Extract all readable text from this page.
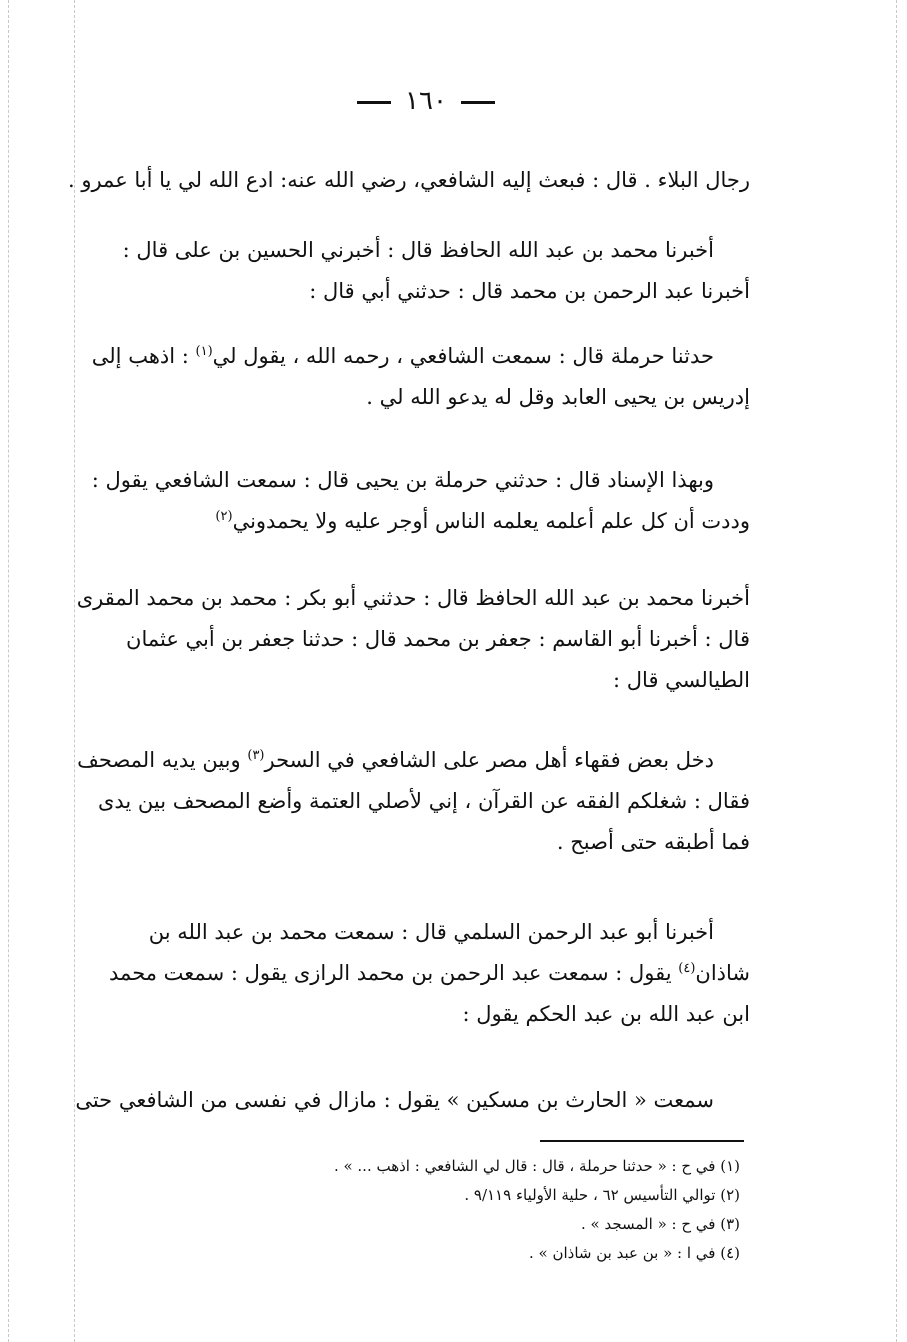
١٦٠
رجال البلاء . قال : فبعث إليه الشافعي، رضي الله عنه: ادع الله لي يا أبا عمرو .
أخبرنا محمد بن عبد الله الحافظ قال : أخبرني الحسين بن على قال :
أخبرنا عبد الرحمن بن محمد قال : حدثني أبي قال :
حدثنا حرملة قال : سمعت الشافعي ، رحمه الله ، يقول لي$^{(١)}$ : اذهب إلى
إدريس بن يحيى العابد وقل له يدعو الله لي .
وبهذا الإسناد قال : حدثني حرملة بن يحيى قال : سمعت الشافعي يقول :
وددت أن كل علم أعلمه يعلمه الناس أوجر عليه ولا يحمدوني$^{(٢)}$
أخبرنا محمد بن عبد الله الحافظ قال : حدثني أبو بكر : محمد بن محمد المقرى
قال : أخبرنا أبو القاسم : جعفر بن محمد قال : حدثنا جعفر بن أبي عثمان
الطيالسي قال :
دخل بعض فقهاء أهل مصر على الشافعي في السحر$^{(٣)}$ وبين يديه المصحف
فقال : شغلكم الفقه عن القرآن ، إني لأصلي العتمة وأضع المصحف بين يدى
فما أطبقه حتى أصبح .
أخبرنا أبو عبد الرحمن السلمي قال : سمعت محمد بن عبد الله بن
شاذان$^{(٤)}$ يقول : سمعت عبد الرحمن بن محمد الرازى يقول : سمعت محمد
ابن عبد الله بن عبد الحكم يقول :
سمعت « الحارث بن مسكين » يقول : مازال في نفسى من الشافعي حتى
(١) في ح : « حدثنا حرملة ، قال : قال لي الشافعي : اذهب ... » .
(٢) توالي التأسيس ٦٢ ، حلية الأولياء ٩/١١٩ .
(٣) في ح : « المسجد » .
(٤) في ا : « بن عبد بن شاذان » .
